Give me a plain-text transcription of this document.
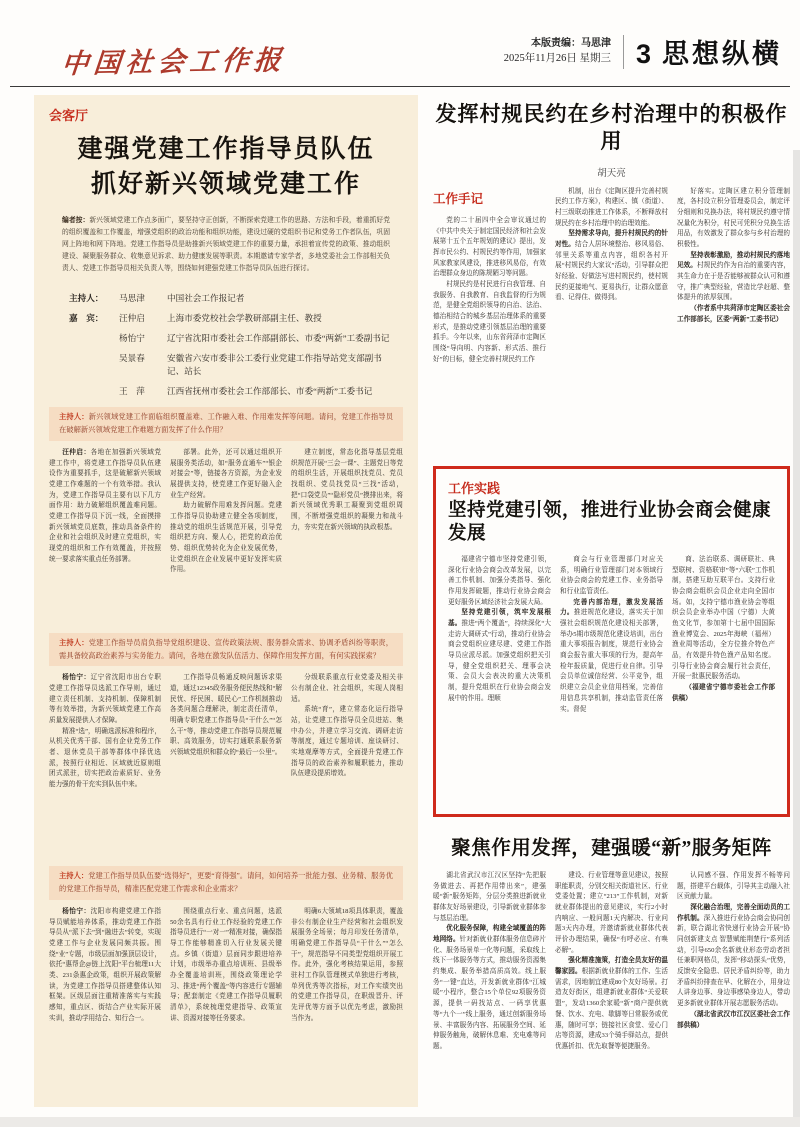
中国社会工作报
本版责编：马思津
2025年11月26日 星期三 3 思想纵横
会客厅
建强党建工作指导员队伍
抓好新兴领域党建工作
编者按：新兴领域党建工作点多面广，要坚持守正创新，不断探索党建工作的思路、方法和手段，着重抓好党的组织覆盖和工作覆盖，增强党组织的政治功能和组织功能，建设过硬的党组织书记和党务工作者队伍，巩固网上阵地和网下阵地。党建工作指导员是助推新兴领域党建工作的重要力量，承担着宣传党的政策、推动组织建设、凝聚服务群众、收集意见诉求、助力健康发展等职责。本期邀请专家学者，多地党委社会工作部相关负责人、党建工作指导员相关负责人等，围绕如何建强党建工作指导员队伍进行探讨。
主持人：	马思津	中国社会工作报记者
嘉　宾：	汪仲启	上海市委党校社会学教研部副主任、教授
杨怡宁	辽宁省沈阳市委社会工作部副部长、市委“两新”工委副书记
吴景春	安徽省六安市委非公工委行业党建工作指导站党支部副书记、站长
王　萍	江西省抚州市委社会工作部部长、市委“两新”工委书记
主持人：新兴领域党建工作面临组织覆盖难、工作融入难、作用难发挥等问题。请问，党建工作指导员在破解新兴领域党建工作难题方面发挥了什么作用？

汪仲启：各地在加强新兴领域党建工作中，将党建工作指导员队伍建设作为重要抓手，这是破解新兴领域党建工作难题的一个有效举措。我认为，党建工作指导员主要有以下几方面作用：助力破解组织覆盖难问题。党建工作指导员下沉一线，全面摸排新兴领域党员底数，推动具备条件的企业和社会组织及时建立党组织，实现党的组织和工作有效覆盖，并按照统一要求落实重点任务部署。

部署。此外，还可以通过组织开展服务类活动，如“服务直通车”“银企对接会”等，链接各方资源，为企业发展提供支持，使党建工作更好融入企业生产经营。

助力破解作用难发挥问题。党建工作指导员协助建立健全各项制度，推动党的组织生活规范开展，引导党组织把方向、聚人心，把党的政治优势、组织优势转化为企业发展优势，让党组织在企业发展中更好发挥实质作用。

建立制度，常态化指导基层党组织规范开展“三会一课”、主题党日等党的组织生活，开展组织找党员、党员找组织、党员找党员“三找”活动，把“口袋党员”“隐形党员”摸排出来，将新兴领域优秀职工凝聚到党组织周围，不断增强党组织的凝聚力和战斗力，夯实党在新兴领域的执政根基。

主持人：党建工作指导员肩负指导党组织建设、宣传政策法规、服务群众需求、协调矛盾纠纷等职责，需具备较高政治素养与实务能力。请问，各地在激发队伍活力、保障作用发挥方面，有何实践探索？

杨怡宁：辽宁省沈阳市出台专职党建工作指导员选派工作导则，通过建立责任机制、支持机制、保障机制等有效举措，为新兴领域党建工作高质量发展提供人才保障。

精准“选”，明确选派标准和程序，从机关优秀干部、国有企业党务工作者、退休党员干部等群体中择优选派，按照行业相近、区域就近原则组团式派驻，切实把政治素质好、业务能力强的骨干充实到队伍中来。

工作指导员畅通反映问题诉求渠道，通过12345政务服务便民热线和“解民忧、纾民困、暖民心”工作机制推动各类问题合理解决，制定责任清单，明确专职党建工作指导员“干什么”“怎么干”等，推动党建工作指导员规范履职、高效服务，切实打通联系服务新兴领域党组织和群众的“最后一公里”。

分级联系重点行业党委及相关非公有制企业、社会组织，实现人岗相适。

系统“育”，建立常态化运行指导站，让党建工作指导员全员进站、集中办公，并建立学习交流、调研走访等制度，通过专题培训、座谈研讨、实地观摩等方式，全面提升党建工作指导员的政治素养和履职能力，推动队伍建设提质增效。

主持人：党建工作指导员队伍要“选得好”，更要“育得强”。请问，如何培养一批能力强、业务精、服务优的党建工作指导员，精准匹配党建工作需求和企业需求？

杨怡宁：沈阳市构建党建工作指导员赋能培养体系，推动党建工作指导员从“派下去”到“融进去”转变，实现党建工作与企业发展同频共振。围绕“业”专题，市级层面加强顶层设计，依托“惠帮企@链上沈阳”平台梳理11大类、231条惠企政策，组织开展政策解读，为党建工作指导员搭建整体认知框架。区级层面注重精准落实与实践感知，重点区、街结合产业实际开展实训，推动学用结合、知行合一。

围绕重点行业、重点问题，选派50余名具有行业工作经验的党建工作指导员进行“一对一”精准对接，确保指导工作能够精准切入行业发展关键点。乡镇（街道）层面同步跟进培养计划，市级举办重点培训班、县级举办全覆盖培训班，围绕政策理论学习、推进“两个覆盖”等内容进行专题辅导；配套制定《党建工作指导员履职清单》，系统梳理党建指导、政策宣讲、资源对接等任务要求。

明确6大领域18项具体职责，覆盖非公有制企业生产经营和社会组织发展服务全场景；每月印发任务清单，明确党建工作指导员“干什么”“怎么干”，规范指导不同类型党组织开展工作。此外，强化考核结果运用，参照驻村工作队管理模式单独进行考核，单列优秀等次指标，对工作实绩突出的党建工作指导员，在职级晋升、评先评优等方面予以优先考虑，激励担当作为。

发挥村规民约在乡村治理中的积极作用
胡天亮
工作手记

党的二十届四中全会审议通过的《中共中央关于制定国民经济和社会发展第十五个五年规划的建议》提出，发挥市民公约、村规民约等作用，加强家风家教家风建设，推进移风易俗，有效治理群众身边的陈规陋习等问题。

村规民约是村民进行自我管理、自我服务、自我教育、自我监督的行为规范，是健全党组织领导的自治、法治、德治相结合的城乡基层治理体系的重要形式，是推动党建引领基层治理的重要抓手。今年以来，山东省菏泽市定陶区围绕“导向明、内容新、形式活、推行好”的目标，健全完善村规民约工作

机制，出台《定陶区提升完善村规民约工作方案》，构建区、镇（街道）、村三级联动推进工作体系，不断释放村规民约在乡村治理中的治理效能。

坚持需求导向，提升村规民约的针对性。结合人居环境整治、移风易俗、邻里关系等重点内容，组织各村开展“村规民约大家议”活动，引导群众把好经验、好做法写进村规民约，使村规民约更接地气、更易执行，让群众愿意看、记得住、做得到。

好落实。定陶区建立积分管理制度，各村设立积分管理委员会，制定评分细则和兑换办法，将村规民约遵守情况量化为积分，村民可凭积分兑换生活用品，有效激发了群众参与乡村治理的积极性。

坚持表彰激励，推动村规民约落地见效。村规民约作为自治的重要内容，其生命力在于是否能够被群众认可和遵守，推广典型经验，营造比学赶超、整体提升的浓厚氛围。

（作者系中共菏泽市定陶区委社会工作部部长，区委“两新”工委书记）

工作实践
坚持党建引领，推进行业协会商会健康发展

福建省宁德市坚持党建引领，深化行业协会商会改革发展，以完善工作机制、加强分类指导、强化作用发挥破题，推动行业协会商会更好服务区域经济社会发展大局。

坚持党建引领，筑牢发展根基。推进“两个覆盖”，持续深化“大走访大调研式”行动，推动行业协会商会党组织应建尽建、党建工作指导员应派尽派。加强党组织把关引导，健全党组织把关、理事会决策、会员大会表决的重大决策机制，提升党组织在行业协会商会发展中的作用。理顺

商会与行业管理部门对应关系，明确行业管理部门对本领域行业协会商会的党建工作、业务指导和行业监管责任。

完善内部治理，激发发展活力。推进规范化建设，落实关于加强社会组织规范化建设相关部署，举办5期市级规范化建设培训，出台重大事项报告制度，规范行业协会商会报告重大事项的行为，提高年检年报质量，促进行业自律。引导会员单位诚信经营、公平竞争，组织建立会员企业信用档案，完善信用信息共享机制，推动监管责任落实。督促

商、法治联系、调研联社、典型联树、资格联审”等“六联”工作机制，搭建互助互联平台。支持行业协会商会组织会员企业走向全国市场。如，支持宁德市渔业协会等组织会员企业举办中国（宁德）大黄鱼文化节，参加第十七届中国国际渔业博览会、2025年海峡（福州）渔业周等活动，全方位推介特色产品，有效提升特色渔产品知名度。引导行业协会商会履行社会责任，开展一批惠民服务活动。

（福建省宁德市委社会工作部供稿）

聚焦作用发挥，建强暖“新”服务矩阵

湖北省武汉市江汉区坚持“先把服务做进去、再把作用带出来”，建强暖“新”服务矩阵，分层分类推进新就业群体友好场景建设，引导新就业群体参与基层治理。

优化服务保障，构建全域覆盖的阵地网络。针对新就业群体服务信息碎片化、服务场景单一化等问题，采取线上线下一体服务等方式，推动服务资源集约集成、服务举措高质高效。线上服务“一键”直达，开发新就业群体“江城暖”小程序，整合15个单位92项服务资源，提供一码找站点、一码享优惠等“九个一”线上服务，通过创新服务场景、丰富服务内容、拓展服务空间、延伸服务触角，破解休息难、充电难等问题。

建设、行业管理等意见建议，按照职能职责，分别交相关街道社区、行业党委处置；建立“213”工作机制，对新就业群体提出的意见建议，实行2小时内响应、一般问题1天内解决、行业问题3天内办理，并邀请新就业群体代表评价办理结果，确保“有呼必应、有唤必解”。

强化精准施策，打造全员友好的温馨家园。根据新就业群体的工作、生活需求，因地制宜建成80个友好场景。打造友好街区，组建新就业群体“关爱联盟”，发动1360余家暖“新”商户提供就餐、饮水、充电、歇脚等日常服务或优惠，随时可享；链接社区食堂、爱心门店等资源，建成33个骑手驿站点，提供优惠折扣、优先取餐等便捷服务。

认同感不强、作用发挥不畅等问题，搭建平台载体，引导其主动融入社区贡献力量。

深化融合治理，完善全面动员的工作机制。深入推进行业协会商会协同创新，联合湖北省快递行业协会开展“协同创新建支点 智慧赋能荆楚行”系列活动，引导650余名新就业形态劳动者担任兼职网格员，发挥“移动探头”优势，反馈安全隐患、居民矛盾纠纷等，助力矛盾纠纷排查在早、化解在小，用身边人讲身边事、身边事感染身边人，带动更多新就业群体开展志愿服务活动。

（湖北省武汉市江汉区委社会工作部供稿）
